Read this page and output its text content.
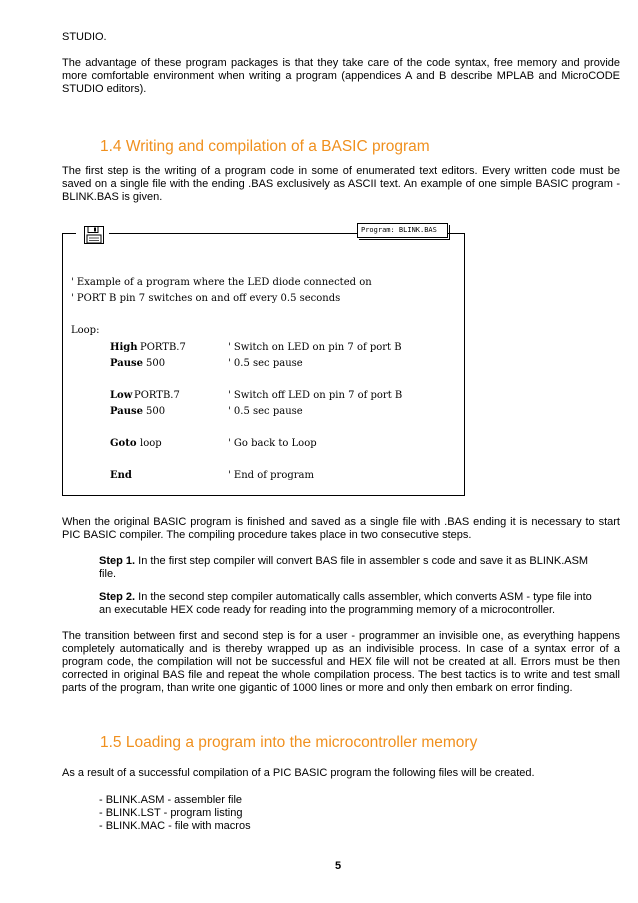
STUDIO.
The advantage of these program packages is that they take care of the code syntax, free memory and provide more comfortable environment when writing a program (appendices A and B describe MPLAB and MicroCODE STUDIO editors).
1.4 Writing and compilation of a BASIC program
The first step is the writing of a program code in some of enumerated text editors. Every written code must be saved on a single file with the ending .BAS exclusively as ASCII text. An example of one simple BASIC program - BLINK.BAS is given.
Program: BLINK.BAS
' Example of a program where the LED diode connected on
' PORT B pin 7 switches on and off every 0.5 seconds
Loop:
High PORTB.7	' Switch on LED on pin 7 of port B
Pause 500	' 0.5 sec pause
Low PORTB.7	' Switch off LED on pin 7 of port B
Pause 500	' 0.5 sec pause
Goto loop	' Go back to Loop
End	' End of program
When the original BASIC program is finished and saved as a single file with .BAS ending it is necessary to start PIC BASIC compiler. The compiling procedure takes place in two consecutive steps.
Step 1. In the first step compiler will convert BAS file in assembler s code and save it as BLINK.ASM file.
Step 2. In the second step compiler automatically calls assembler, which converts ASM - type file into an executable HEX code ready for reading into the programming memory of a microcontroller.
The transition between first and second step is for a user - programmer an invisible one, as everything happens completely automatically and is thereby wrapped up as an indivisible process. In case of a syntax error of a program code, the compilation will not be successful and HEX file will not be created at all. Errors must be then corrected in original BAS file and repeat the whole compilation process. The best tactics is to write and test small parts of the program, than write one gigantic of 1000 lines or more and only then embark on error finding.
1.5 Loading a program into the microcontroller memory
As a result of a successful compilation of a PIC BASIC program the following files will be created.
- BLINK.ASM - assembler file
- BLINK.LST - program listing
- BLINK.MAC - file with macros
5
